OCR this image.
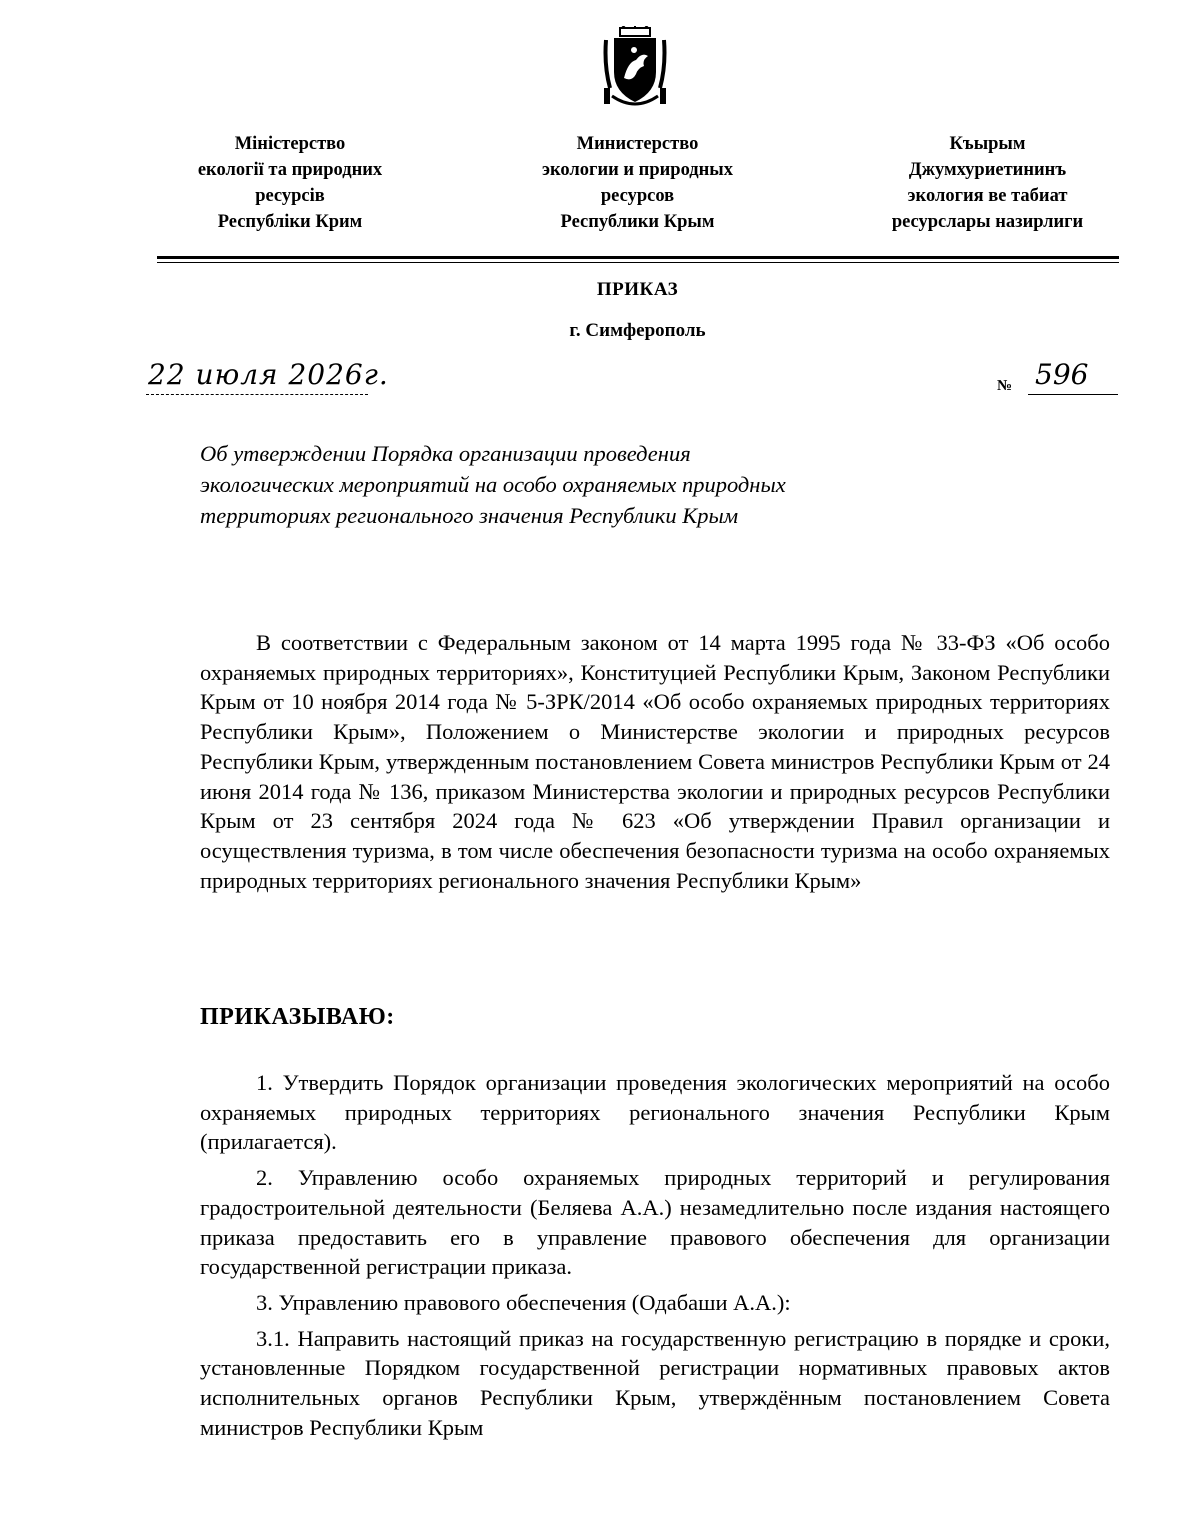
Міністерство
екології та природних
ресурсів
Республіки Крим
Министерство
экологии и природных
ресурсов
Республики Крым
Къырым
Джумхуриетининъ
экология ве табиат
ресурслары назирлиги
ПРИКАЗ
г. Симферополь
22 июля 2026г.	№ 596
Об утверждении Порядка организации проведения экологических мероприятий на особо охраняемых природных территориях регионального значения Республики Крым
В соответствии с Федеральным законом от 14 марта 1995 года № 33-ФЗ «Об особо охраняемых природных территориях», Конституцией Республики Крым, Законом Республики Крым от 10 ноября 2014 года № 5-ЗРК/2014 «Об особо охраняемых природных территориях Республики Крым», Положением о Министерстве экологии и природных ресурсов Республики Крым, утвержденным постановлением Совета министров Республики Крым от 24 июня 2014 года № 136, приказом Министерства экологии и природных ресурсов Республики Крым от 23 сентября 2024 года № 623 «Об утверждении Правил организации и осуществления туризма, в том числе обеспечения безопасности туризма на особо охраняемых природных территориях регионального значения Республики Крым»
ПРИКАЗЫВАЮ:

1. Утвердить Порядок организации проведения экологических мероприятий на особо охраняемых природных территориях регионального значения Республики Крым (прилагается).

2. Управлению особо охраняемых природных территорий и регулирования градостроительной деятельности (Беляева А.А.) незамедлительно после издания настоящего приказа предоставить его в управление правового обеспечения для организации государственной регистрации приказа.

3. Управлению правового обеспечения (Одабаши А.А.):

3.1. Направить настоящий приказ на государственную регистрацию в порядке и сроки, установленные Порядком государственной регистрации нормативных правовых актов исполнительных органов Республики Крым, утверждённым постановлением Совета министров Республики Крым
